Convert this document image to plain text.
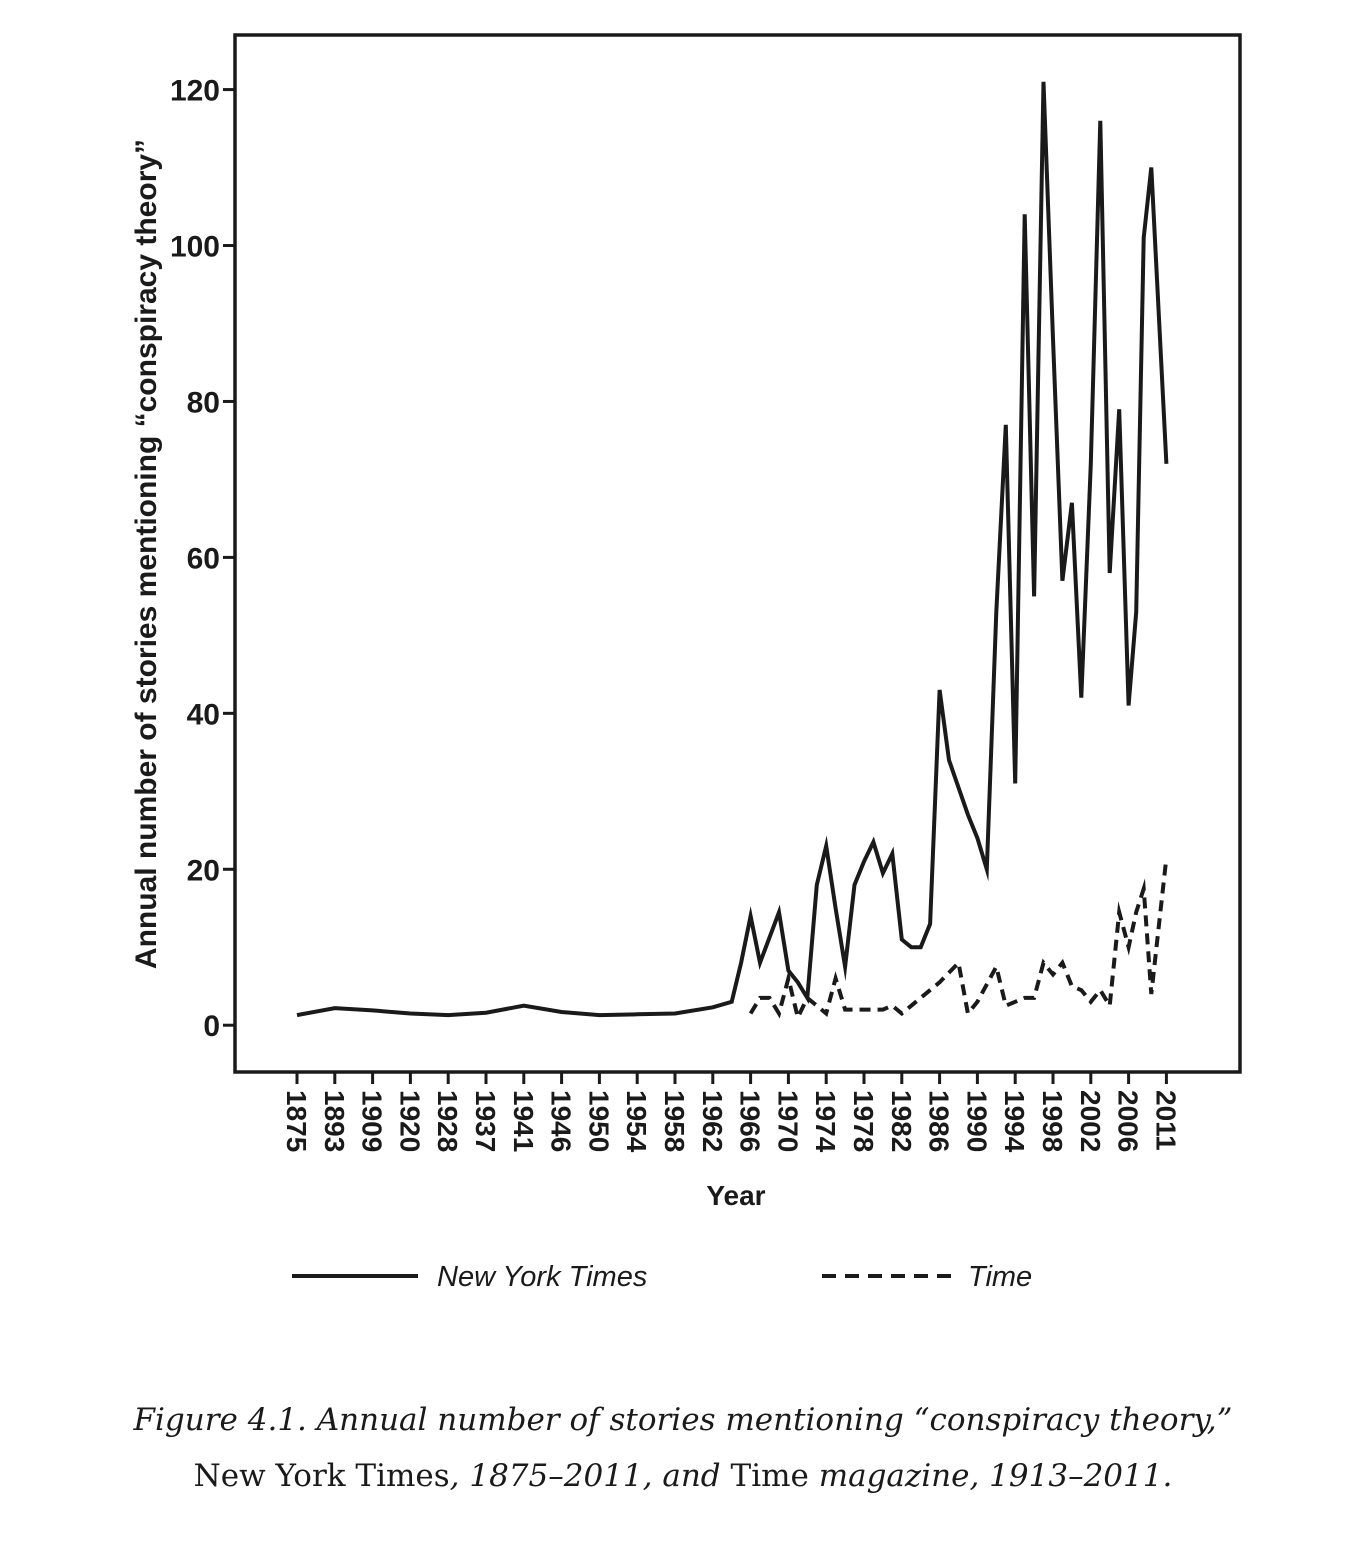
0
20
40
60
80
100
120
1875 1893 1909 1920 1928 1937 1941 1946 1950 1954 1958 1962 1966 1970 1974 1978 1982 1986 1990 1994 1998 2002 2006 2011
Annual number of stories mentioning “conspiracy theory”
Year
New York Times	Time
Figure 4.1. Annual number of stories mentioning “conspiracy theory,”
New York Times, 1875–2011, and Time magazine, 1913–2011.
